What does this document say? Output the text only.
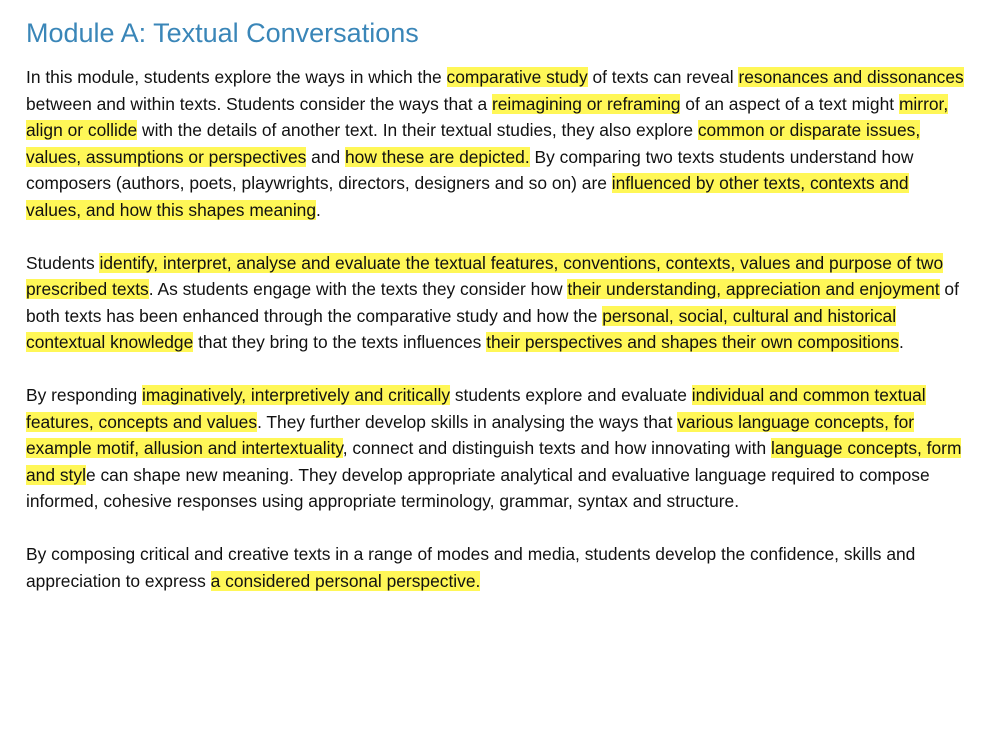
Module A: Textual Conversations

In this module, students explore the ways in which the comparative study of texts can reveal resonances and dissonances between and within texts. Students consider the ways that a reimagining or reframing of an aspect of a text might mirror, align or collide with the details of another text. In their textual studies, they also explore common or disparate issues, values, assumptions or perspectives and how these are depicted. By comparing two texts students understand how composers (authors, poets, playwrights, directors, designers and so on) are influenced by other texts, contexts and values, and how this shapes meaning.

Students identify, interpret, analyse and evaluate the textual features, conventions, contexts, values and purpose of two prescribed texts. As students engage with the texts they consider how their understanding, appreciation and enjoyment of both texts has been enhanced through the comparative study and how the personal, social, cultural and historical contextual knowledge that they bring to the texts influences their perspectives and shapes their own compositions.

By responding imaginatively, interpretively and critically students explore and evaluate individual and common textual features, concepts and values. They further develop skills in analysing the ways that various language concepts, for example motif, allusion and intertextuality, connect and distinguish texts and how innovating with language concepts, form and style can shape new meaning. They develop appropriate analytical and evaluative language required to compose informed, cohesive responses using appropriate terminology, grammar, syntax and structure.

By composing critical and creative texts in a range of modes and media, students develop the confidence, skills and appreciation to express a considered personal perspective.
